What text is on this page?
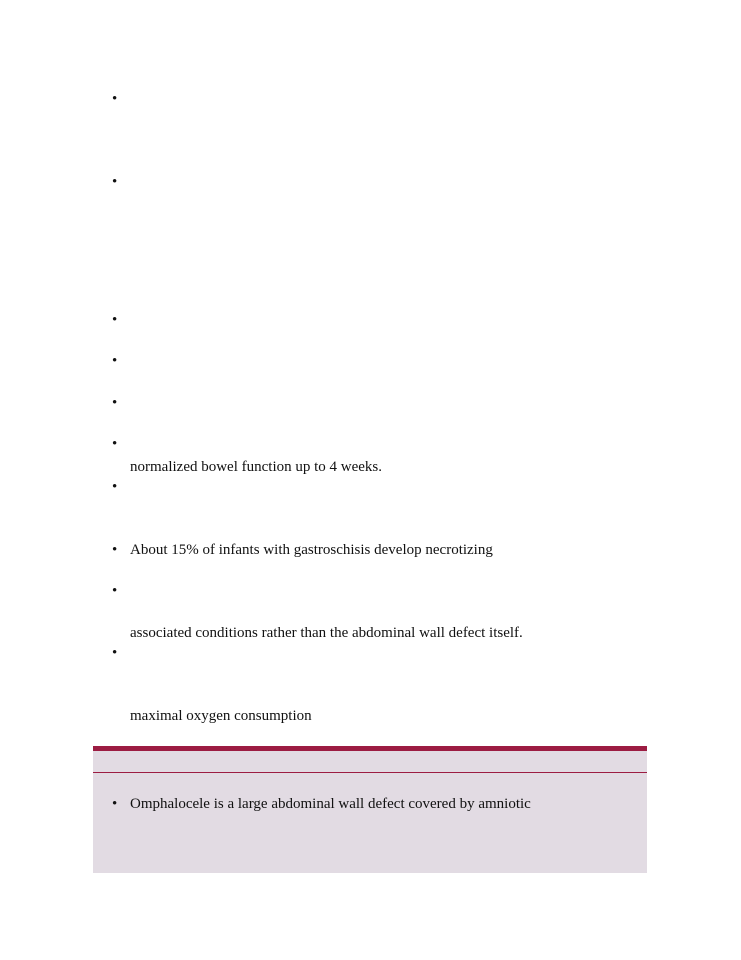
•
•
•
•
•
•
normalized bowel function up to 4 weeks.
•
• About 15% of infants with gastroschisis develop necrotizing
•
associated conditions rather than the abdominal wall defect itself.
•
maximal oxygen consumption
• Omphalocele is a large abdominal wall defect covered by amniotic
